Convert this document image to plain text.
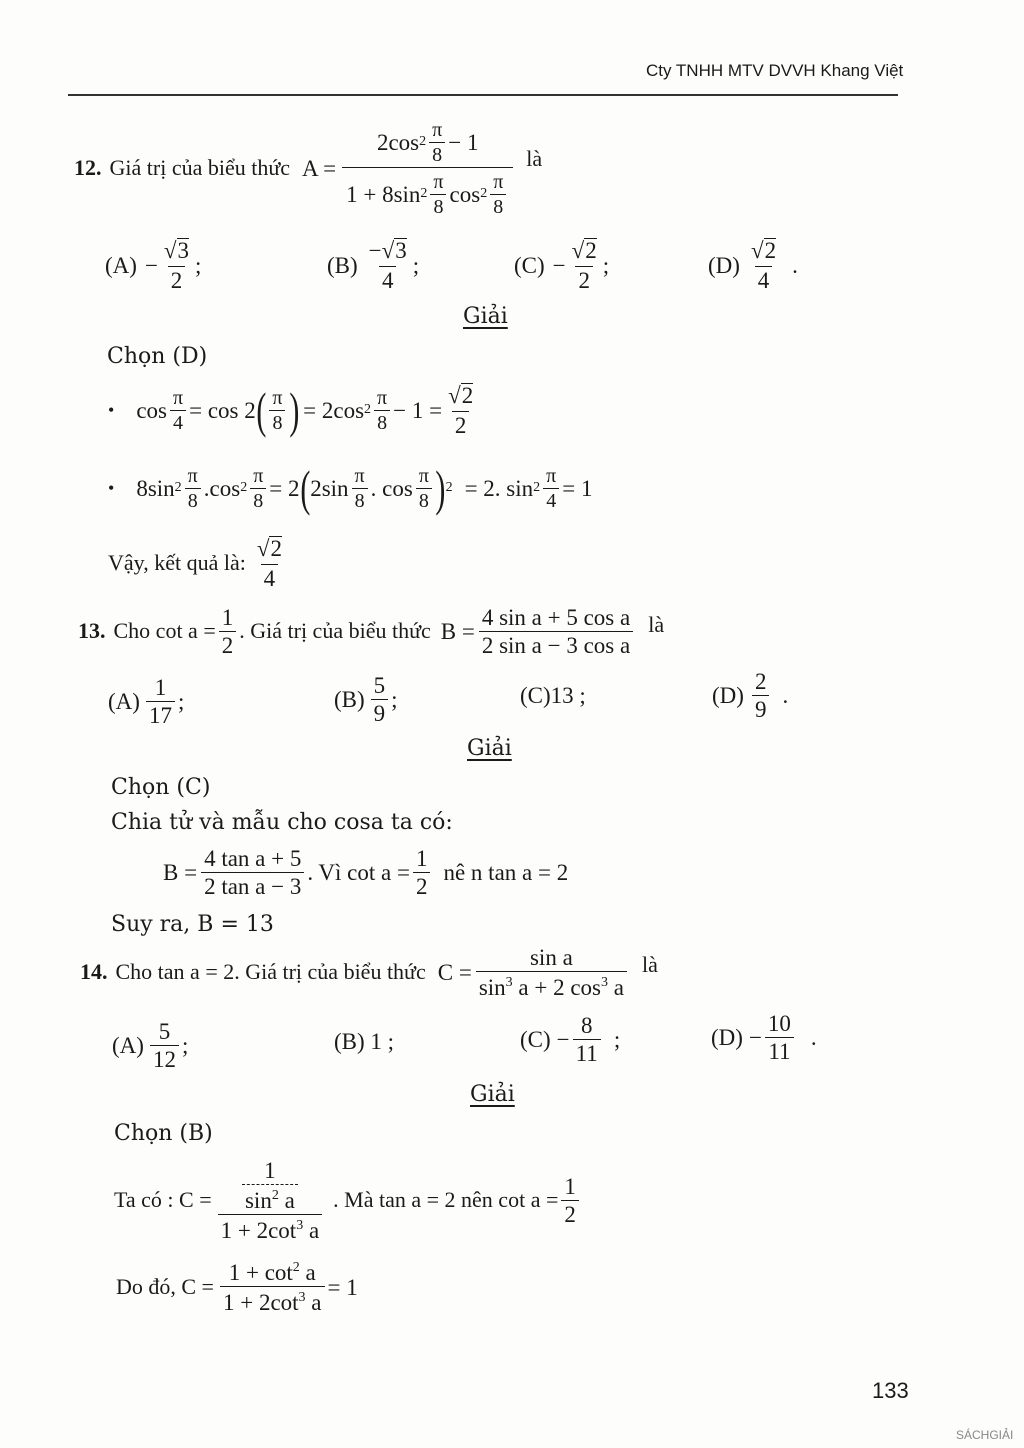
Cty TNHH MTV DVVH Khang Việt
12. Giá trị của biểu thức $A = \frac{2\cos 2 \frac{\pi}{8} - 1}{1 + 8\sin 2 \frac{\pi}{8} \cos 2 \frac{\pi}{8}}$ là
$(A) - \frac{√3}{2}$ ;	$(B) \frac{-√3}{4}$ ;	$(C) - \frac{√2}{2}$ ;	$(D) \frac{√2}{4}$ .
Giải
Chọn (D)
• $\cos \frac{\pi}{4} = \cos 2$ ( $\frac{\pi}{8}$ ) = 2cos $2 \frac{\pi}{8} - 1 = \frac{√2}{2}$
• 8sin $2 \frac{\pi}{8} .\cos$ $2 \frac{\pi}{8} = 2$ ( $2\sin \frac{\pi}{8}$ . $\cos \frac{\pi}{8}$ ) 2 = 2. $\sin 2 \frac{\pi}{4} = 1$
Vậy, kết quả là: $\frac{√2}{4}$
13. Cho $\cot a = \frac{1}{2}$ . Giá trị của biểu thức $B = \frac{\text{4 sin a + 5 cos a}}{\text{2 sin a − 3 cos a}}$ là
$(A) \frac{1}{17}$ ;	$(B) \frac{5}{9}$ ;	(C)13 ;	$(D) \frac{2}{9}$ .
Giải
Chọn (C)
Chia tử và mẫu cho cosa ta có:
$B = \frac{\text{4 tan a + 5}}{\text{2 tan a − 3}}$ . Vì $\cot a = \frac{1}{2}$ nê n tan a = 2
Suy ra, B = 13
14. Cho tan a = 2. Giá trị của biểu thức $C = \frac{\text{sin a}}{\sin^3 a + 2 \cos^3 a}$ là
$(A) \frac{5}{12}$ ;	(B) 1 ;	$(C) - \frac{8}{11}$ ;	$(D) - \frac{10}{11}$ .
Giải
Chọn (B)
Ta có : $C = \frac{\frac{1}{\sin^2 a}}{1 + 2\cot^3 a}$ . Mà tan a = 2 nên $\cot a = \frac{1}{2}$
Do đó, $C = \frac{1 + \cot^2 a}{1 + 2\cot^3 a} = 1$
133
SÁCHGIẢI
